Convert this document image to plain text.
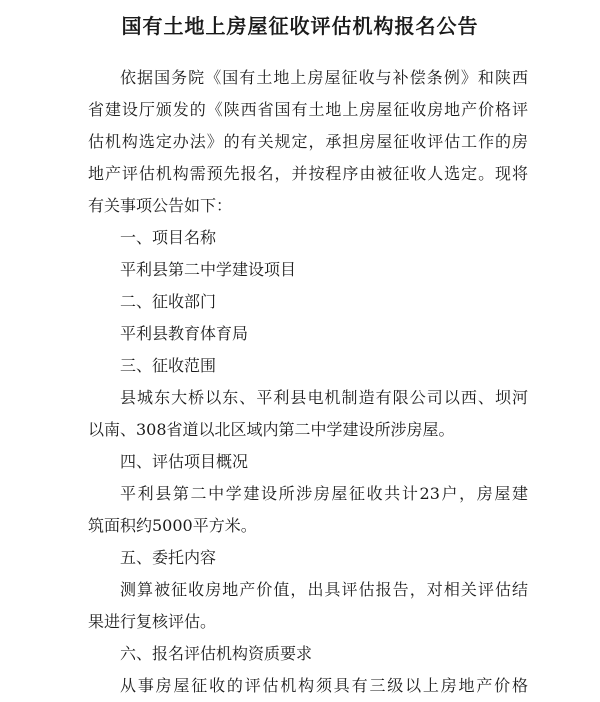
国有土地上房屋征收评估机构报名公告
依据国务院《国有土地上房屋征收与补偿条例》和陕西
省建设厅颁发的《陕西省国有土地上房屋征收房地产价格评
估机构选定办法》的有关规定，承担房屋征收评估工作的房
地产评估机构需预先报名，并按程序由被征收人选定。现将
有关事项公告如下：
一、项目名称
平利县第二中学建设项目
二、征收部门
平利县教育体育局
三、征收范围
县城东大桥以东、平利县电机制造有限公司以西、坝河
以南、308省道以北区域内第二中学建设所涉房屋。
四、评估项目概况
平利县第二中学建设所涉房屋征收共计23户，房屋建
筑面积约5000平方米。
五、委托内容
测算被征收房地产价值，出具评估报告，对相关评估结
果进行复核评估。
六、报名评估机构资质要求
从事房屋征收的评估机构须具有三级以上房地产价格
